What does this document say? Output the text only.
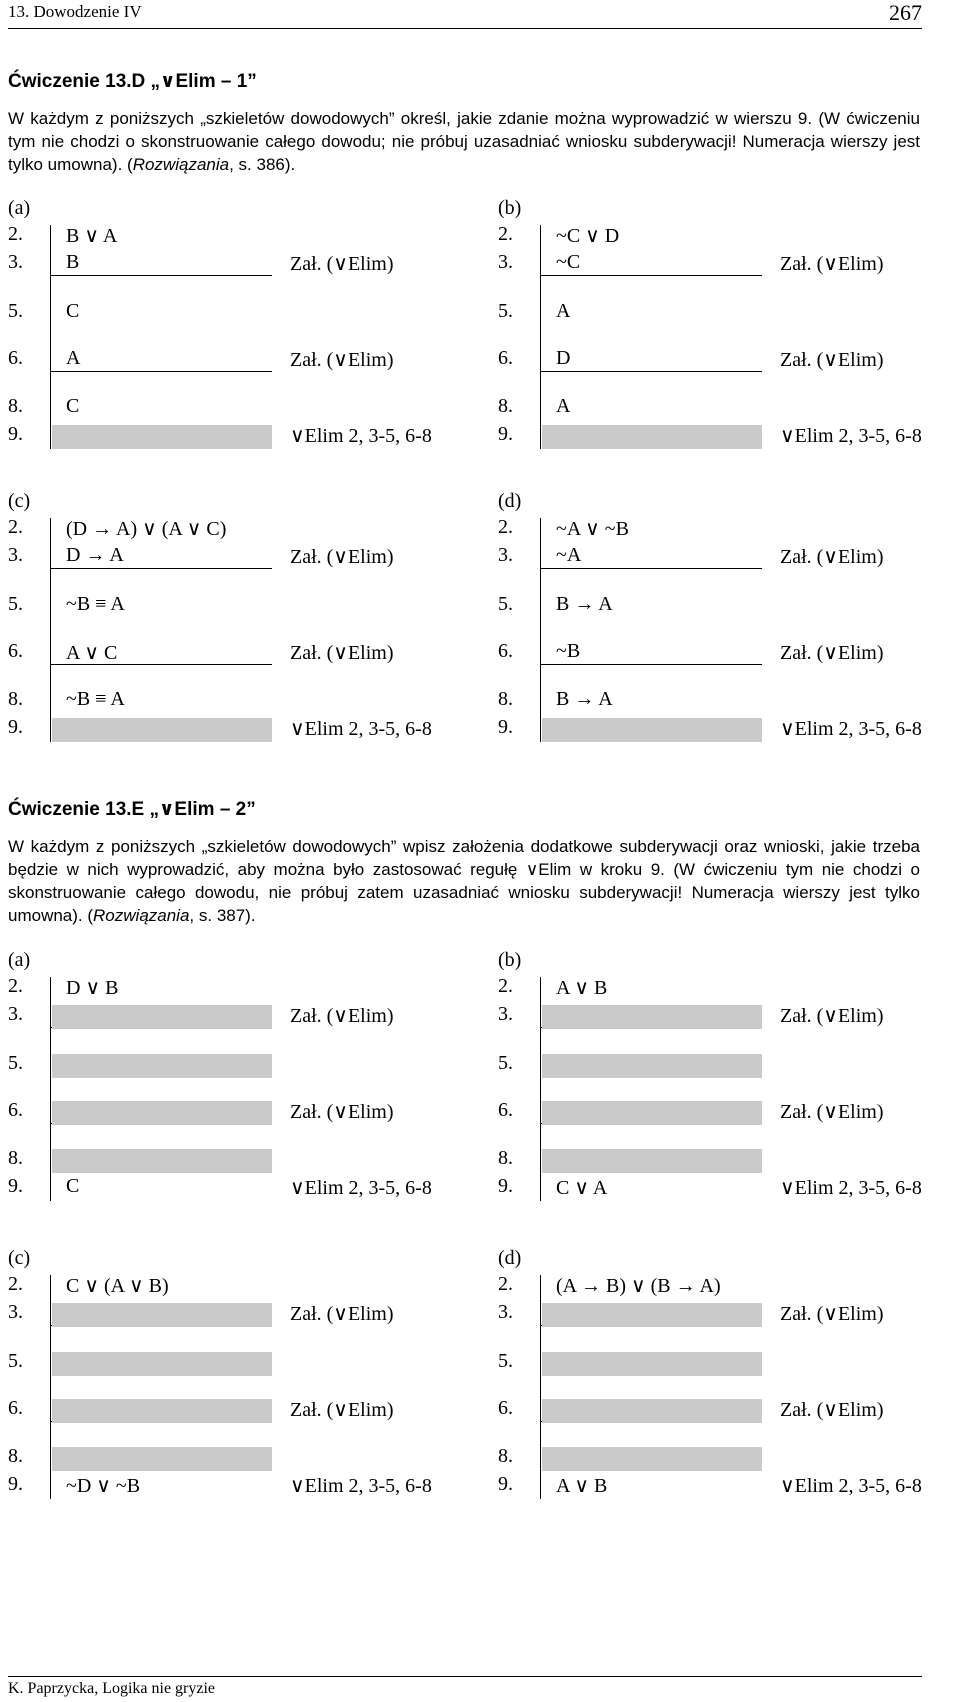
13. Dowodzenie IV	267
Ćwiczenie 13.D „∨Elim – 1”
W każdym z poniższych „szkieletów dowodowych” określ, jakie zdanie można wyprowadzić w wierszu 9. (W ćwiczeniu tym nie chodzi o skonstruowanie całego dowodu; nie próbuj uzasadniać wniosku subderywacji! Numeracja wierszy jest tylko umowna). (Rozwiązania, s. 386).
(a)
2. B ∨ A
3. B	Zał. (∨Elim)
5. C
6. A	Zał. (∨Elim)
8. C
9.	∨Elim 2, 3-5, 6-8
(b)
2. ~C ∨ D
3. ~C	Zał. (∨Elim)
5. A
6. D	Zał. (∨Elim)
8. A
9.	∨Elim 2, 3-5, 6-8
(c)
2. (D → A) ∨ (A ∨ C)
3. D → A	Zał. (∨Elim)
5. ~B ≡ A
6. A ∨ C	Zał. (∨Elim)
8. ~B ≡ A
9.	∨Elim 2, 3-5, 6-8
(d)
2. ~A ∨ ~B
3. ~A	Zał. (∨Elim)
5. B → A
6. ~B	Zał. (∨Elim)
8. B → A
9.	∨Elim 2, 3-5, 6-8
Ćwiczenie 13.E „∨Elim – 2”
W każdym z poniższych „szkieletów dowodowych” wpisz założenia dodatkowe subderywacji oraz wnioski, jakie trzeba będzie w nich wyprowadzić, aby można było zastosować regułę ∨Elim w kroku 9. (W ćwiczeniu tym nie chodzi o skonstruowanie całego dowodu, nie próbuj zatem uzasadniać wniosku subderywacji! Numeracja wierszy jest tylko umowna). (Rozwiązania, s. 387).
(a)
2. D ∨ B
3.	Zał. (∨Elim)
5.
6.	Zał. (∨Elim)
8.
9. C	∨Elim 2, 3-5, 6-8
(b)
2. A ∨ B
3.	Zał. (∨Elim)
5.
6.	Zał. (∨Elim)
8.
9. C ∨ A	∨Elim 2, 3-5, 6-8
(c)
2. C ∨ (A ∨ B)
3.	Zał. (∨Elim)
5.
6.	Zał. (∨Elim)
8.
9. ~D ∨ ~B	∨Elim 2, 3-5, 6-8
(d)
2. (A → B) ∨ (B → A)
3.	Zał. (∨Elim)
5.
6.	Zał. (∨Elim)
8.
9. A ∨ B	∨Elim 2, 3-5, 6-8
K. Paprzycka, Logika nie gryzie
